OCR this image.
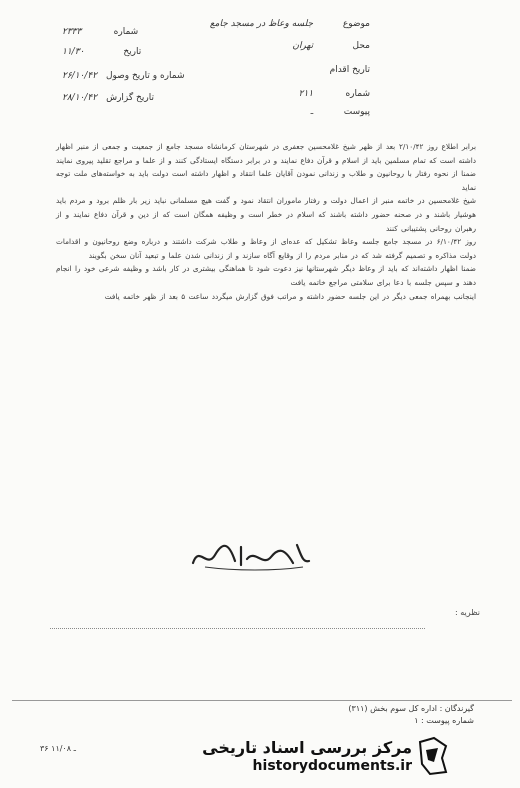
موضوع جلسه وعاظ در مسجد جامع
محل تهران
تاریخ اقدام
شماره ۲۱۱
پیوست ـ
شماره ۲۳۳۳
تاریخ ۱۱/۳۰
شماره و تاریخ وصول ۲۶/۱۰/۴۲
تاریخ گزارش ۲۸/۱۰/۴۲

برابر اطلاع روز ۲/۱۰/۴۲ بعد از ظهر شیخ غلامحسین جعفری در شهرستان کرمانشاه مسجد جامع از جمعیت و جمعی از منبر اظهار داشته است که تمام مسلمین باید از اسلام و قرآن دفاع نمایند و در برابر دستگاه ایستادگی کنند و از علما و مراجع تقلید پیروی نمایند ضمنا از نحوه رفتار با روحانیون و طلاب و زندانی نمودن آقایان علما انتقاد و اظهار داشته است دولت باید به خواسته‌های ملت توجه نماید

شیخ غلامحسین در خاتمه منبر از اعمال دولت و رفتار ماموران انتقاد نمود و گفت هیچ مسلمانی نباید زیر بار ظلم برود و مردم باید هوشیار باشند و در صحنه حضور داشته باشند که اسلام در خطر است و وظیفه همگان است که از دین و قرآن دفاع نمایند و از رهبران روحانی پشتیبانی کنند

روز ۶/۱۰/۴۲ در مسجد جامع جلسه وعاظ تشکیل که عده‌ای از وعاظ و طلاب شرکت داشتند و درباره وضع روحانیون و اقدامات دولت مذاکره و تصمیم گرفته شد که در منابر مردم را از وقایع آگاه سازند و از زندانی شدن علما و تبعید آنان سخن بگویند

ضمنا اظهار داشته‌اند که باید از وعاظ دیگر شهرستانها نیز دعوت شود تا هماهنگی بیشتری در کار باشد و وظیفه شرعی خود را انجام دهند و سپس جلسه با دعا برای سلامتی مراجع خاتمه یافت

اینجانب بهمراه جمعی دیگر در این جلسه حضور داشته و مراتب فوق گزارش میگردد ساعت ۵ بعد از ظهر خاتمه یافت

نظریه :
گیرندگان : اداره کل سوم بخش (۳۱۱)
شماره پیوست : ۱
۳۶ ـ ۱۱/۰۸	مرکز بررسی اسناد تاریخی
historydocuments.ir
